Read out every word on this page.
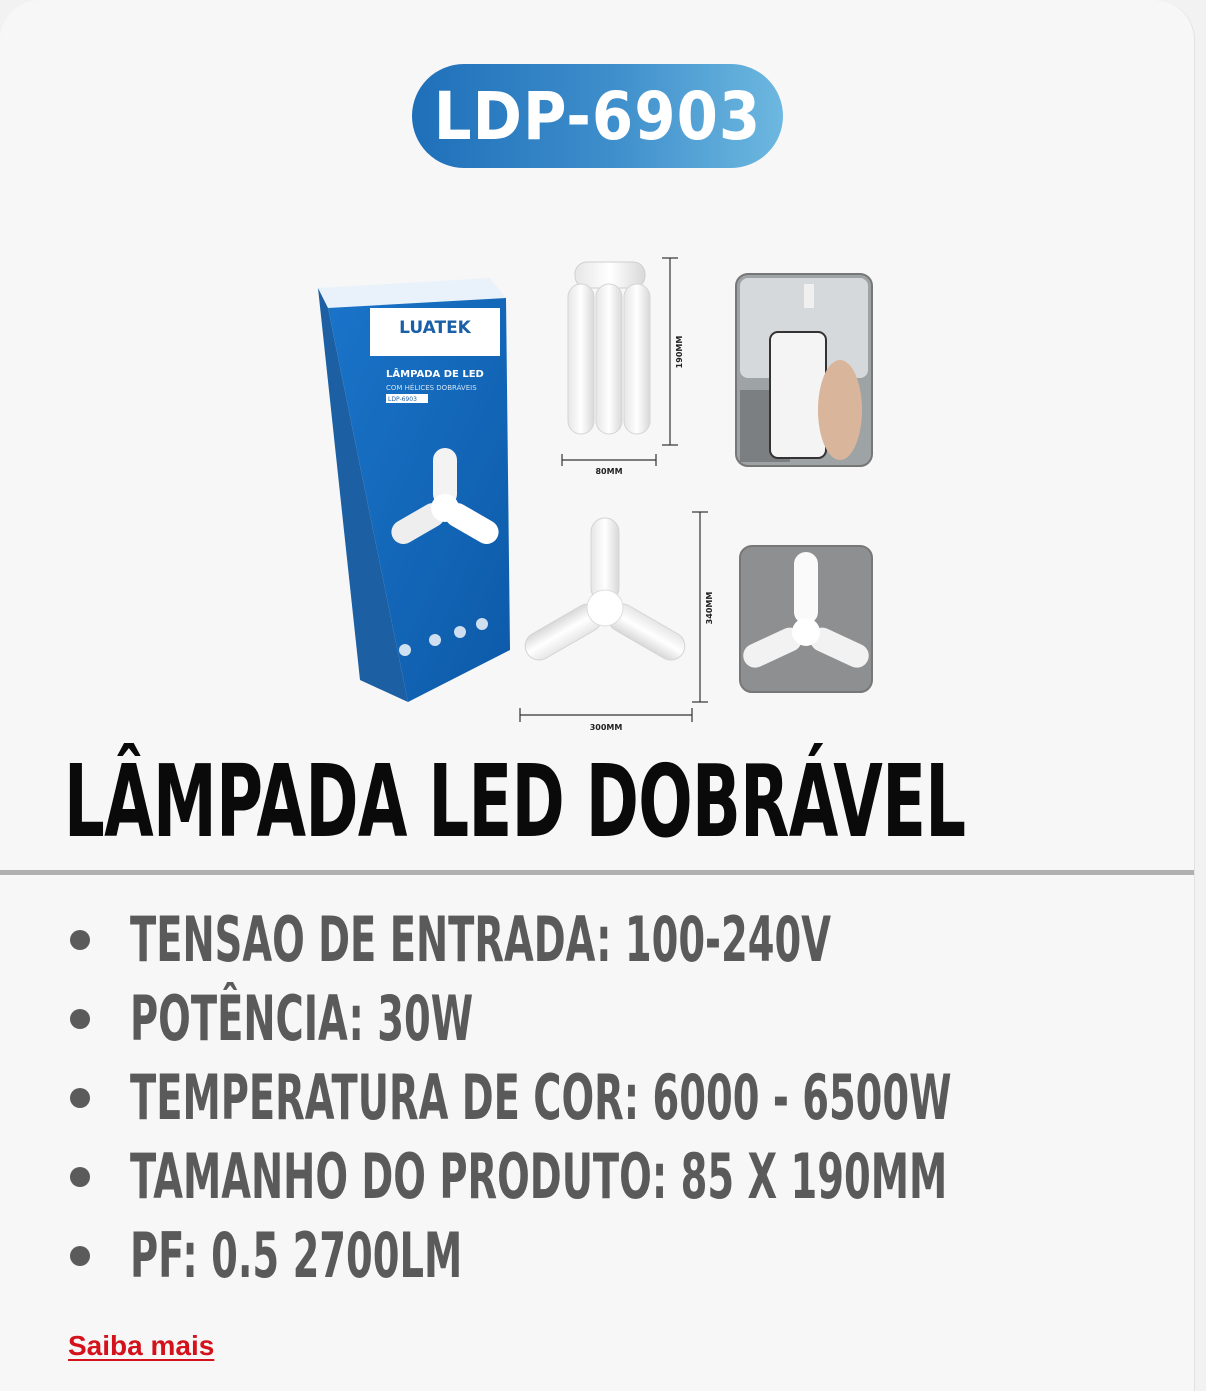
LDP-6903
LUATEK
LÂMPADA DE LED
COM HÉLICES DOBRÁVEIS
LDP-6903
190MM
80MM
340MM
300MM
LÂMPADA LED DOBRÁVEL
TENSAO DE ENTRADA: 100-240V
POTÊNCIA: 30W
TEMPERATURA DE COR: 6000 - 6500W
TAMANHO DO PRODUTO: 85 X 190MM
PF: 0.5 2700LM
Saiba mais
